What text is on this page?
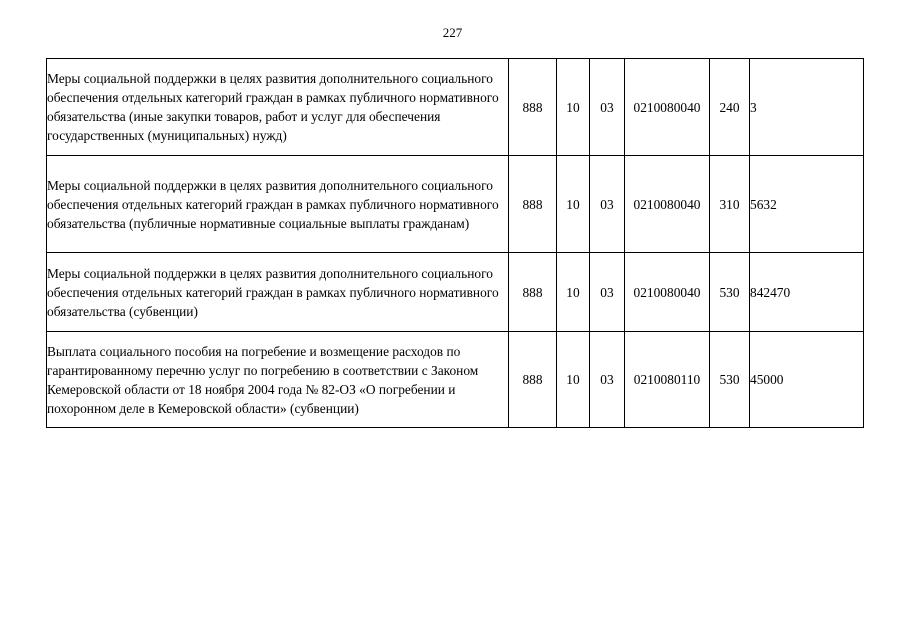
227
Меры социальной поддержки в целях развития дополнительного социального обеспечения отдельных категорий граждан в рамках публичного нормативного обязательства (иные закупки товаров, работ и услуг для обеспечения государственных (муниципальных) нужд)	888	10	03	0210080040	240	3
Меры социальной поддержки в целях развития дополнительного социального обеспечения отдельных категорий граждан в рамках публичного нормативного обязательства (публичные нормативные социальные выплаты гражданам)	888	10	03	0210080040	310	5632
Меры социальной поддержки в целях развития дополнительного социального обеспечения отдельных категорий граждан в рамках публичного нормативного обязательства (субвенции)	888	10	03	0210080040	530	842470
Выплата социального пособия на погребение и возмещение расходов по гарантированному перечню услуг по погребению в соответствии с Законом Кемеровской области от 18 ноября 2004 года № 82-ОЗ «О погребении и похоронном деле в Кемеровской области» (субвенции)	888	10	03	0210080110	530	45000
